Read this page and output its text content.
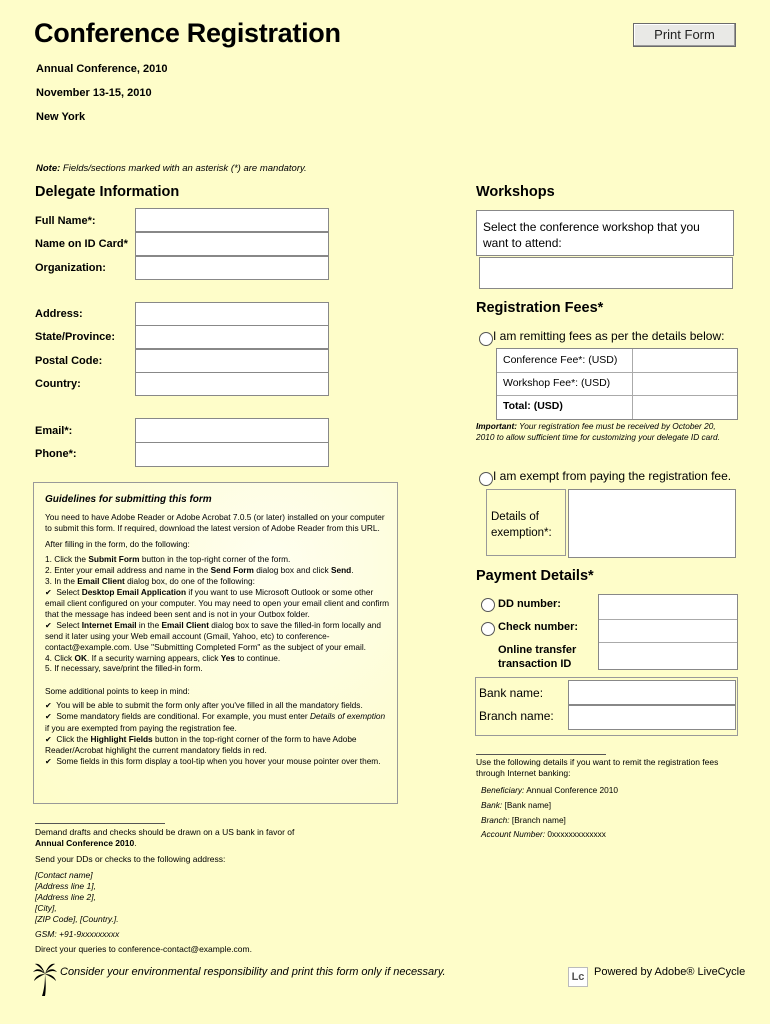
Conference Registration	Print Form
Annual Conference, 2010
November 13-15, 2010
New York
Note: Fields/sections marked with an asterisk (*) are mandatory.
Delegate Information
Full Name*:
Name on ID Card*
Organization:
Address:
State/Province:
Postal Code:
Country:
Email*:
Phone*:
Guidelines for submitting this form

You need to have Adobe Reader or Adobe Acrobat 7.0.5 (or later) installed on your computer to submit this form. If required, download the latest version of Adobe Reader from this URL.

After filling in the form, do the following:

1. Click the Submit Form button in the top-right corner of the form.

2. Enter your email address and name in the Send Form dialog box and click Send.

3. In the Email Client dialog box, do one of the following:

✔ Select Desktop Email Application if you want to use Microsoft Outlook or some other email client configured on your computer. You may need to open your email client and confirm that the message has indeed been sent and is not in your Outbox folder.

✔ Select Internet Email in the Email Client dialog box to save the filled-in form locally and send it later using your Web email account (Gmail, Yahoo, etc) to conference-contact@example.com. Use "Submitting Completed Form" as the subject of your email.

4. Click OK. If a security warning appears, click Yes to continue.

5. If necessary, save/print the filled-in form.

Some additional points to keep in mind:

✔ You will be able to submit the form only after you've filled in all the mandatory fields.

✔ Some mandatory fields are conditional. For example, you must enter Details of exemption if you are exempted from paying the registration fee.

✔ Click the Highlight Fields button in the top-right corner of the form to have Adobe Reader/Acrobat highlight the current mandatory fields in red.

✔ Some fields in this form display a tool-tip when you hover your mouse pointer over them.

Demand drafts and checks should be drawn on a US bank in favor of
Annual Conference 2010.
Send your DDs or checks to the following address:
[Contact name]
[Address line 1],
[Address line 2],
[City],
[ZIP Code], [Country.].
GSM: +91-9xxxxxxxxx
Direct your queries to conference-contact@example.com.
Workshops
Select the conference workshop that you want to attend:
Registration Fees*
I am remitting fees as per the details below:
Conference Fee*: (USD)
Workshop Fee*: (USD)
Total: (USD)
Important: Your registration fee must be received by October 20, 2010 to allow sufficient time for customizing your delegate ID card.
I am exempt from paying the registration fee.
Details of exemption*:
Payment Details*
DD number:
Check number:
Online transfer transaction ID
Bank name:
Branch name:
Use the following details if you want to remit the registration fees through Internet banking:
Beneficiary: Annual Conference 2010
Bank: [Bank name]
Branch: [Branch name]
Account Number: 0xxxxxxxxxxxxx
Consider your environmental responsibility and print this form only if necessary.	Lc Powered by Adobe® LiveCycle
